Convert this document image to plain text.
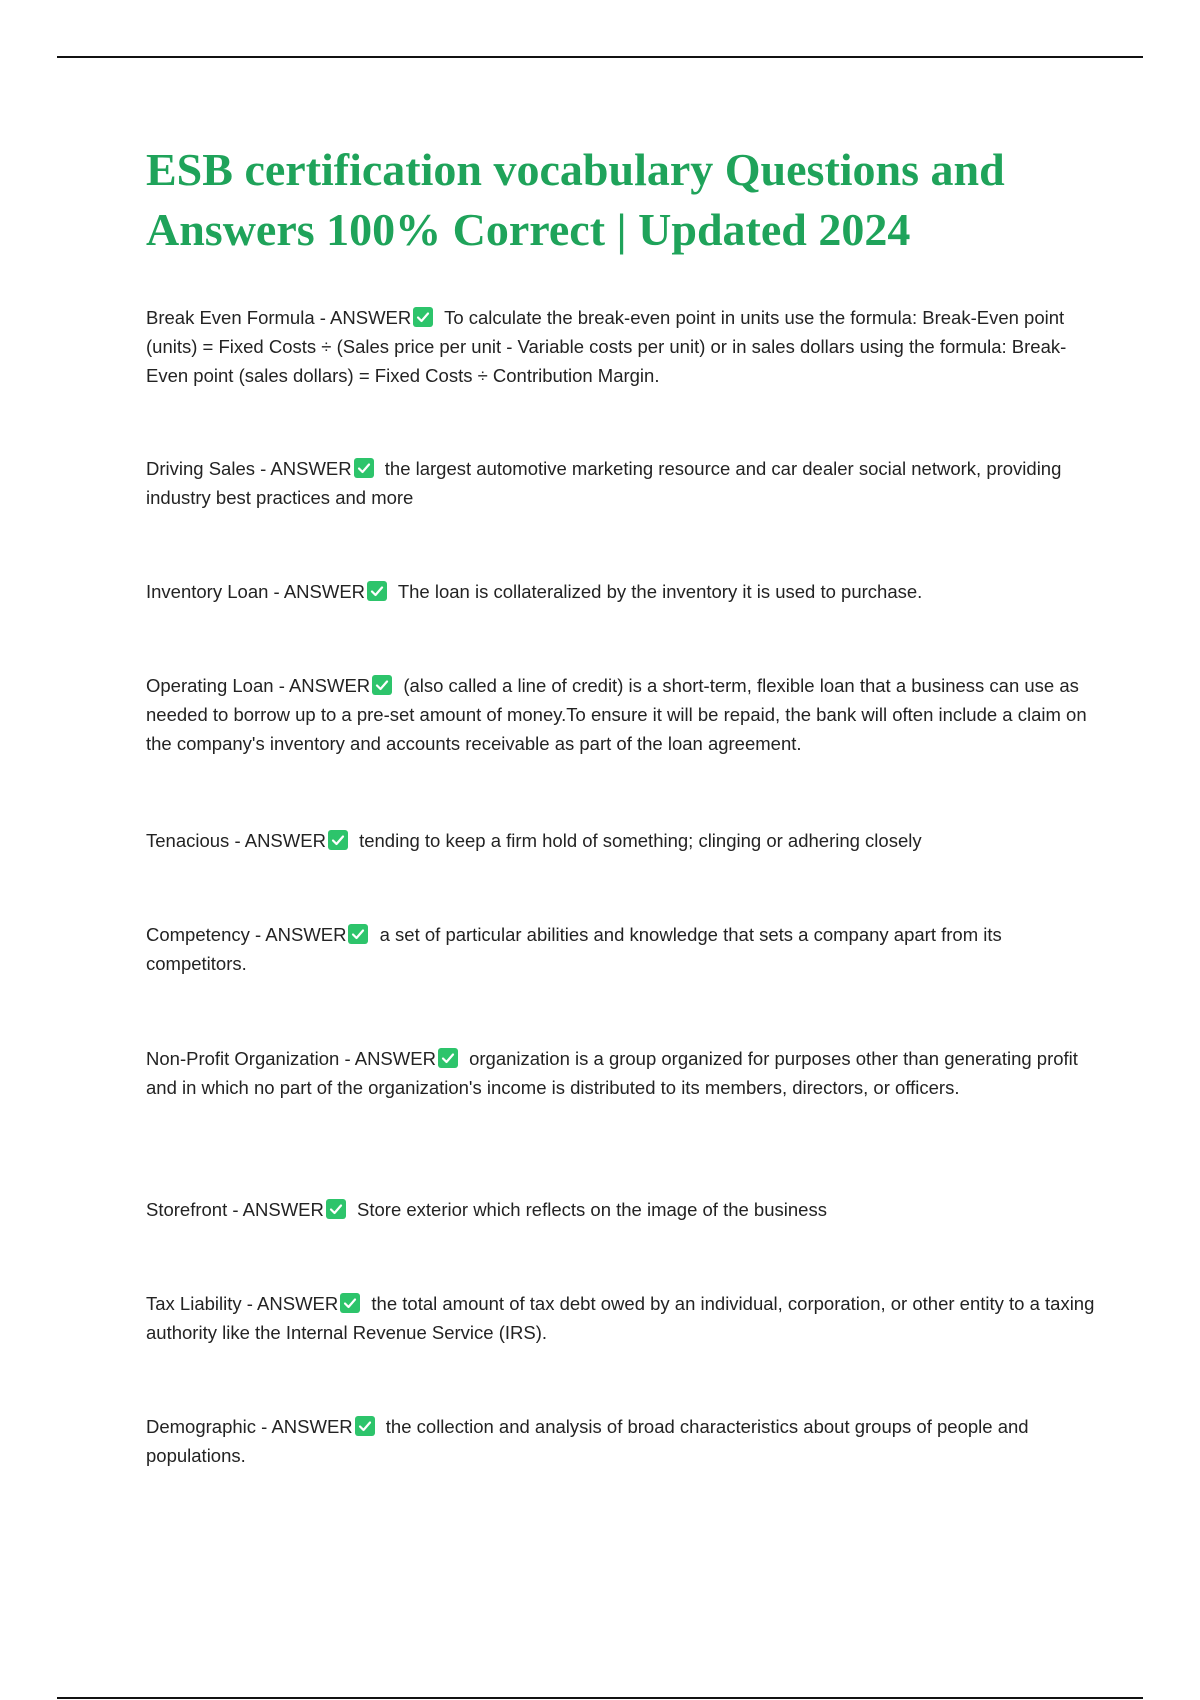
ESB certification vocabulary Questions and Answers 100% Correct | Updated 2024

Break Even Formula - ANSWER To calculate the break-even point in units use the formula: Break-Even point (units) = Fixed Costs ÷ (Sales price per unit - Variable costs per unit) or in sales dollars using the formula: Break-Even point (sales dollars) = Fixed Costs ÷ Contribution Margin.

Driving Sales - ANSWER the largest automotive marketing resource and car dealer social network, providing industry best practices and more

Inventory Loan - ANSWER The loan is collateralized by the inventory it is used to purchase.

Operating Loan - ANSWER (also called a line of credit) is a short-term, flexible loan that a business can use as needed to borrow up to a pre-set amount of money.To ensure it will be repaid, the bank will often include a claim on the company's inventory and accounts receivable as part of the loan agreement.

Tenacious - ANSWER tending to keep a firm hold of something; clinging or adhering closely

Competency - ANSWER a set of particular abilities and knowledge that sets a company apart from its competitors.

Non-Profit Organization - ANSWER organization is a group organized for purposes other than generating profit and in which no part of the organization's income is distributed to its members, directors, or officers.

Storefront - ANSWER Store exterior which reflects on the image of the business

Tax Liability - ANSWER the total amount of tax debt owed by an individual, corporation, or other entity to a taxing authority like the Internal Revenue Service (IRS).

Demographic - ANSWER the collection and analysis of broad characteristics about groups of people and populations.
